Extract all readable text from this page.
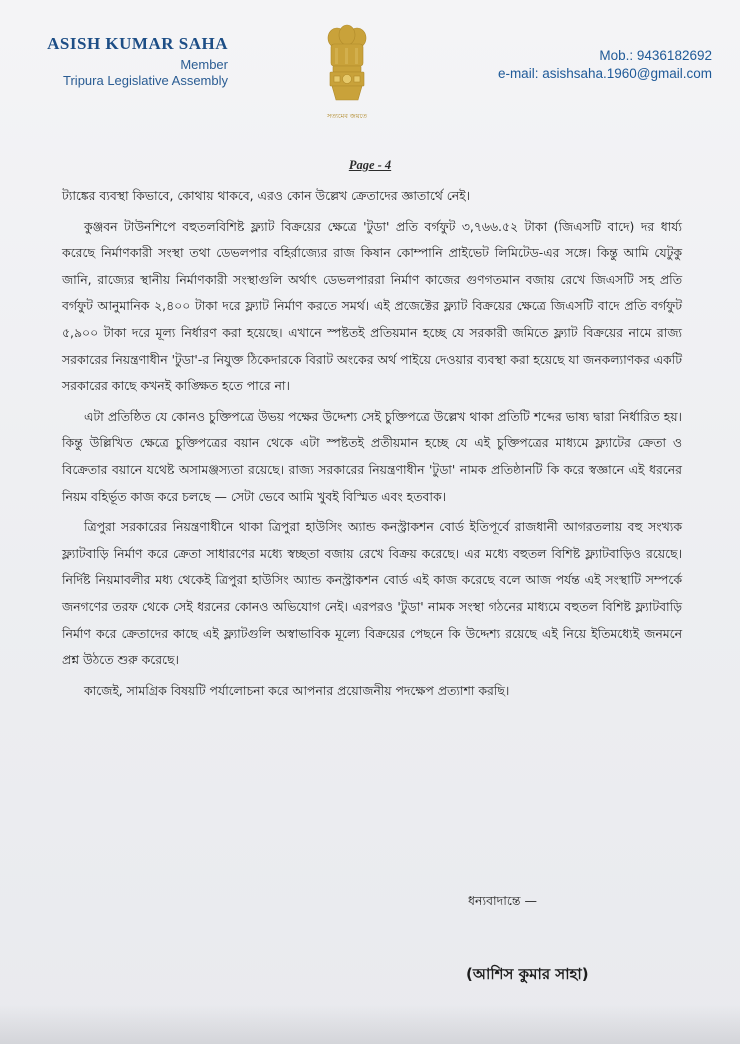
ASISH KUMAR SAHA
Member
Tripura Legislative Assembly
সত্যমেব জয়তে
Mob.: 9436182692
e-mail: asishsaha.1960@gmail.com
Page - 4

ট্যাঙ্কের ব্যবস্থা কিভাবে, কোথায় থাকবে, এরও কোন উল্লেখ ক্রেতাদের জ্ঞাতার্থে নেই।

কুঞ্জবন টাউনশিপে বহুতলবিশিষ্ট ফ্ল্যাট বিক্রয়ের ক্ষেত্রে 'টুডা' প্রতি বর্গফুট ৩,৭৬৬.৫২ টাকা (জিএসটি বাদে) দর ধার্য্য করেছে নির্মাণকারী সংস্থা তথা ডেভলপার বহির্রাজ্যের রাজ কিষান কোম্পানি প্রাইভেট লিমিটেড-এর সঙ্গে। কিন্তু আমি যেটুকু জানি, রাজ্যের স্থানীয় নির্মাণকারী সংস্থাগুলি অর্থাৎ ডেভলপাররা নির্মাণ কাজের গুণগতমান বজায় রেখে জিএসটি সহ প্রতি বর্গফুট আনুমানিক ২,৪০০ টাকা দরে ফ্ল্যাট নির্মাণ করতে সমর্থ। এই প্রজেক্টের ফ্ল্যাট বিক্রয়ের ক্ষেত্রে জিএসটি বাদে প্রতি বর্গফুট ৫,৯০০ টাকা দরে মূল্য নির্ধারণ করা হয়েছে। এখানে স্পষ্টতই প্রতিয়মান হচ্ছে যে সরকারী জমিতে ফ্ল্যাট বিক্রয়ের নামে রাজ্য সরকারের নিয়ন্ত্রণাধীন 'টুডা'-র নিযুক্ত ঠিকেদারকে বিরাট অংকের অর্থ পাইয়ে দেওয়ার ব্যবস্থা করা হয়েছে যা জনকল্যাণকর একটি সরকারের কাছে কখনই কাঙ্ক্ষিত হতে পারে না।

এটা প্রতিষ্ঠিত যে কোনও চুক্তিপত্রে উভয় পক্ষের উদ্দেশ্য সেই চুক্তিপত্রে উল্লেখ থাকা প্রতিটি শব্দের ভাষ্য দ্বারা নির্ধারিত হয়। কিন্তু উল্লিখিত ক্ষেত্রে চুক্তিপত্রের বয়ান থেকে এটা স্পষ্টতই প্রতীয়মান হচ্ছে যে এই চুক্তিপত্রের মাধ্যমে ফ্ল্যাটের ক্রেতা ও বিক্রেতার বয়ানে যথেষ্ট অসামঞ্জস্যতা রয়েছে। রাজ্য সরকারের নিয়ন্ত্রণাধীন 'টুডা' নামক প্রতিষ্ঠানটি কি করে স্বজ্ঞানে এই ধরনের নিয়ম বহির্ভূত কাজ করে চলছে — সেটা ভেবে আমি খুবই বিস্মিত এবং হতবাক।

ত্রিপুরা সরকারের নিয়ন্ত্রণাধীনে থাকা ত্রিপুরা হাউসিং অ্যান্ড কনস্ট্রাকশন বোর্ড ইতিপূর্বে রাজধানী আগরতলায় বহু সংখ্যক ফ্ল্যাটবাড়ি নির্মাণ করে ক্রেতা সাধারণের মধ্যে স্বচ্ছতা বজায় রেখে বিক্রয় করেছে। এর মধ্যে বহুতল বিশিষ্ট ফ্ল্যাটবাড়িও রয়েছে। নির্দিষ্ট নিয়মাবলীর মধ্য থেকেই ত্রিপুরা হাউসিং অ্যান্ড কনস্ট্রাকশন বোর্ড এই কাজ করেছে বলে আজ পর্যন্ত এই সংস্থাটি সম্পর্কে জনগণের তরফ থেকে সেই ধরনের কোনও অভিযোগ নেই। এরপরও 'টুডা' নামক সংস্থা গঠনের মাধ্যমে বহুতল বিশিষ্ট ফ্ল্যাটবাড়ি নির্মাণ করে ক্রেতাদের কাছে এই ফ্ল্যাটগুলি অস্বাভাবিক মূল্যে বিক্রয়ের পেছনে কি উদ্দেশ্য রয়েছে এই নিয়ে ইতিমধ্যেই জনমনে প্রশ্ন উঠতে শুরু করেছে।

কাজেই, সামগ্রিক বিষয়টি পর্যালোচনা করে আপনার প্রয়োজনীয় পদক্ষেপ প্রত্যাশা করছি।

ধন্যবাদান্তে —
(আশিস কুমার সাহা)
